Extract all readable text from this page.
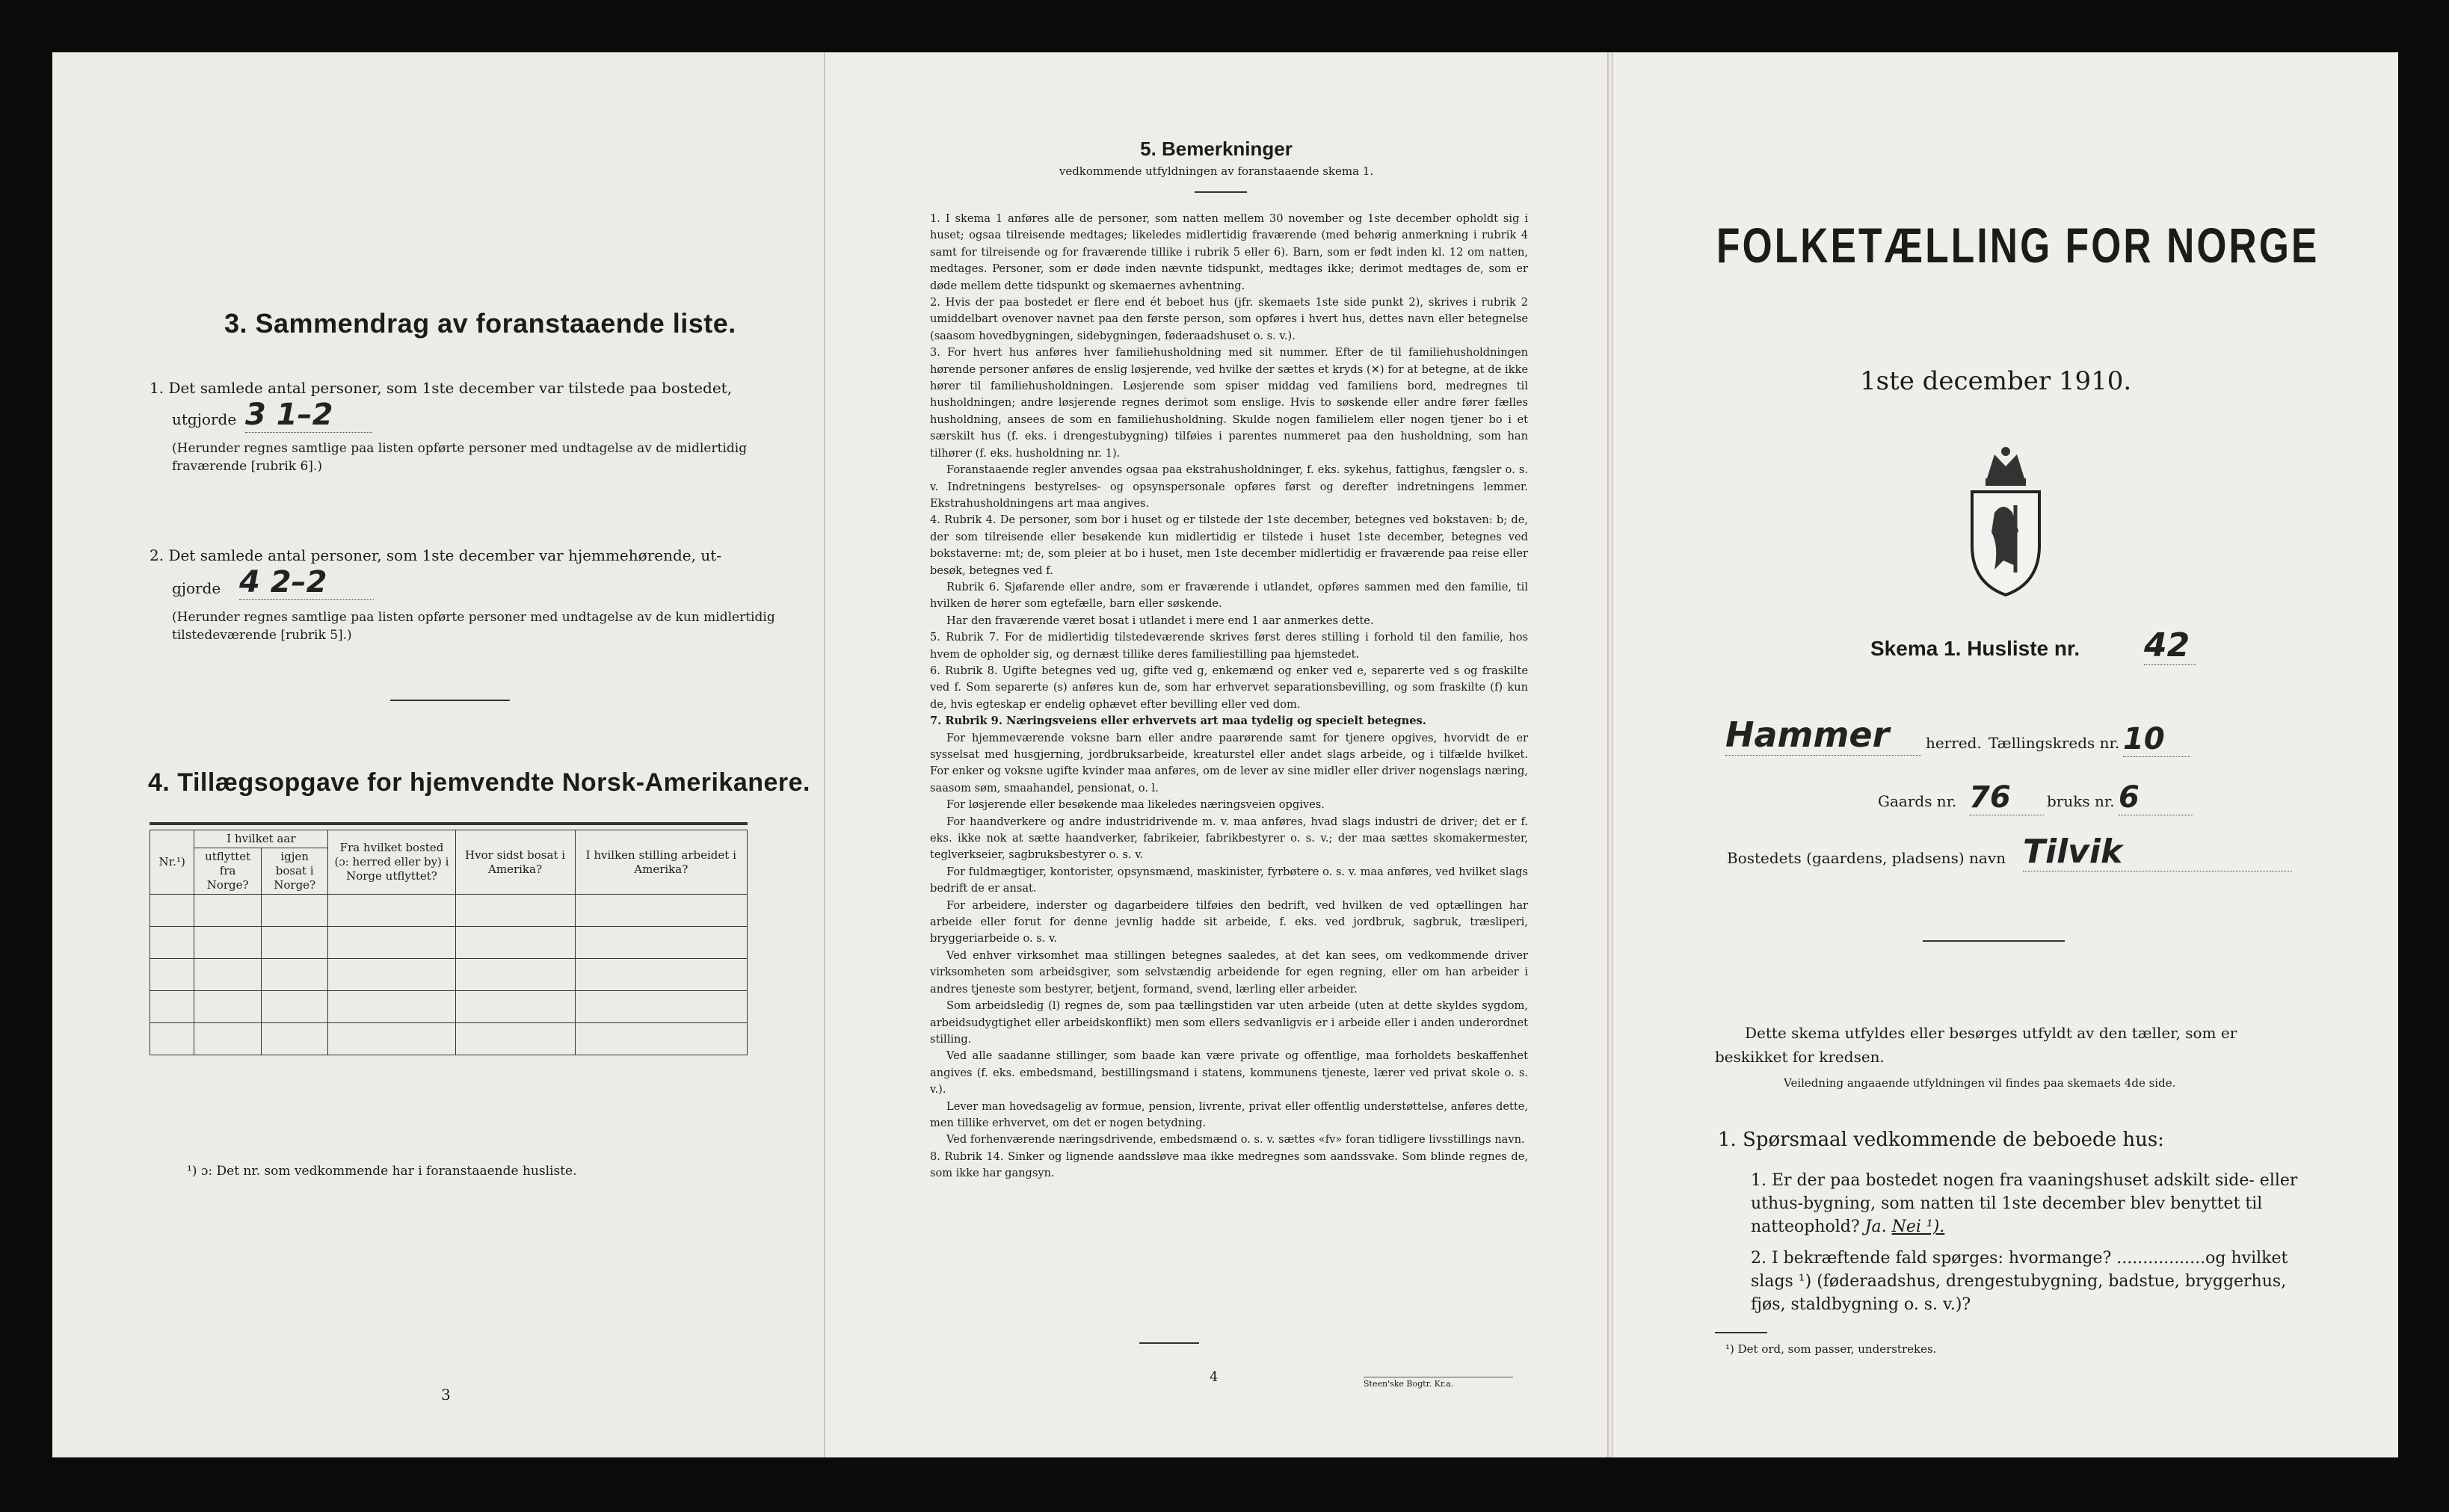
3. Sammendrag av foranstaaende liste.
1. Det samlede antal personer, som 1ste december var tilstede paa bostedet,
utgjorde 3 1–2
(Herunder regnes samtlige paa listen opførte personer med undtagelse av de midlertidig fraværende [rubrik 6].)
2. Det samlede antal personer, som 1ste december var hjemmehørende, ut-
gjorde 4 2–2
(Herunder regnes samtlige paa listen opførte personer med undtagelse av de kun midlertidig tilstedeværende [rubrik 5].)
4. Tillægsopgave for hjemvendte Norsk-Amerikanere.
Nr.¹)	I hvilket aar		Fra hvilket bosted (ɔ: herred eller by) i Norge utflyttet?	Hvor sidst bosat i Amerika?	I hvilken stilling arbeidet i Amerika?
	utflyttet fra Norge?	igjen bosat i Norge?			

¹) ɔ: Det nr. som vedkommende har i foranstaaende husliste.
3
5. Bemerkninger
vedkommende utfyldningen av foranstaaende skema 1.

1. I skema 1 anføres alle de personer, som natten mellem 30 november og 1ste december opholdt sig i huset; ogsaa tilreisende medtages; likeledes midlertidig fraværende (med behørig anmerkning i rubrik 4 samt for tilreisende og for fraværende tillike i rubrik 5 eller 6). Barn, som er født inden kl. 12 om natten, medtages. Personer, som er døde inden nævnte tidspunkt, medtages ikke; derimot medtages de, som er døde mellem dette tidspunkt og skemaernes avhentning.

2. Hvis der paa bostedet er flere end ét beboet hus (jfr. skemaets 1ste side punkt 2), skrives i rubrik 2 umiddelbart ovenover navnet paa den første person, som opføres i hvert hus, dettes navn eller betegnelse (saasom hovedbygningen, sidebygningen, føderaadshuset o. s. v.).

3. For hvert hus anføres hver familiehusholdning med sit nummer. Efter de til familiehusholdningen hørende personer anføres de enslig løsjerende, ved hvilke der sættes et kryds (✕) for at betegne, at de ikke hører til familiehusholdningen. Løsjerende som spiser middag ved familiens bord, medregnes til husholdningen; andre løsjerende regnes derimot som enslige. Hvis to søskende eller andre fører fælles husholdning, ansees de som en familiehusholdning. Skulde nogen familielem eller nogen tjener bo i et særskilt hus (f. eks. i drengestubygning) tilføies i parentes nummeret paa den husholdning, som han tilhører (f. eks. husholdning nr. 1).

Foranstaaende regler anvendes ogsaa paa ekstrahusholdninger, f. eks. sykehus, fattighus, fængsler o. s. v. Indretningens bestyrelses- og opsynspersonale opføres først og derefter indretningens lemmer. Ekstrahusholdningens art maa angives.

4. Rubrik 4. De personer, som bor i huset og er tilstede der 1ste december, betegnes ved bokstaven: b; de, der som tilreisende eller besøkende kun midlertidig er tilstede i huset 1ste december, betegnes ved bokstaverne: mt; de, som pleier at bo i huset, men 1ste december midlertidig er fraværende paa reise eller besøk, betegnes ved f.

Rubrik 6. Sjøfarende eller andre, som er fraværende i utlandet, opføres sammen med den familie, til hvilken de hører som egtefælle, barn eller søskende.

Har den fraværende været bosat i utlandet i mere end 1 aar anmerkes dette.

5. Rubrik 7. For de midlertidig tilstedeværende skrives først deres stilling i forhold til den familie, hos hvem de opholder sig, og dernæst tillike deres familiestilling paa hjemstedet.

6. Rubrik 8. Ugifte betegnes ved ug, gifte ved g, enkemænd og enker ved e, separerte ved s og fraskilte ved f. Som separerte (s) anføres kun de, som har erhvervet separationsbevilling, og som fraskilte (f) kun de, hvis egteskap er endelig ophævet efter bevilling eller ved dom.

7. Rubrik 9. Næringsveiens eller erhvervets art maa tydelig og specielt betegnes.

For hjemmeværende voksne barn eller andre paarørende samt for tjenere opgives, hvorvidt de er sysselsat med husgjerning, jordbruksarbeide, kreaturstel eller andet slags arbeide, og i tilfælde hvilket. For enker og voksne ugifte kvinder maa anføres, om de lever av sine midler eller driver nogenslags næring, saasom søm, smaahandel, pensionat, o. l.

For løsjerende eller besøkende maa likeledes næringsveien opgives.

For haandverkere og andre industridrivende m. v. maa anføres, hvad slags industri de driver; det er f. eks. ikke nok at sætte haandverker, fabrikeier, fabrikbestyrer o. s. v.; der maa sættes skomakermester, teglverkseier, sagbruksbestyrer o. s. v.

For fuldmægtiger, kontorister, opsynsmænd, maskinister, fyrbøtere o. s. v. maa anføres, ved hvilket slags bedrift de er ansat.

For arbeidere, inderster og dagarbeidere tilføies den bedrift, ved hvilken de ved optællingen har arbeide eller forut for denne jevnlig hadde sit arbeide, f. eks. ved jordbruk, sagbruk, træsliperi, bryggeriarbeide o. s. v.

Ved enhver virksomhet maa stillingen betegnes saaledes, at det kan sees, om vedkommende driver virksomheten som arbeidsgiver, som selvstændig arbeidende for egen regning, eller om han arbeider i andres tjeneste som bestyrer, betjent, formand, svend, lærling eller arbeider.

Som arbeidsledig (l) regnes de, som paa tællingstiden var uten arbeide (uten at dette skyldes sygdom, arbeidsudygtighet eller arbeidskonflikt) men som ellers sedvanligvis er i arbeide eller i anden underordnet stilling.

Ved alle saadanne stillinger, som baade kan være private og offentlige, maa forholdets beskaffenhet angives (f. eks. embedsmand, bestillingsmand i statens, kommunens tjeneste, lærer ved privat skole o. s. v.).

Lever man hovedsagelig av formue, pension, livrente, privat eller offentlig understøttelse, anføres dette, men tillike erhvervet, om det er nogen betydning.

Ved forhenværende næringsdrivende, embedsmænd o. s. v. sættes «fv» foran tidligere livsstillings navn.

8. Rubrik 14. Sinker og lignende aandssløve maa ikke medregnes som aandssvake. Som blinde regnes de, som ikke har gangsyn.

4	Steen'ske Bogtr. Kr.a.
FOLKETÆLLING FOR NORGE
1ste december 1910.
Skema 1. Husliste nr. 42
Hammer	herred. Tællingskreds nr. 10
Gaards nr. 76	bruks nr. 6
Bostedets (gaardens, pladsens) navn Tilvik
Dette skema utfyldes eller besørges utfyldt av den tæller, som er beskikket for kredsen.
Veiledning angaaende utfyldningen vil findes paa skemaets 4de side.
1. Spørsmaal vedkommende de beboede hus:
1. Er der paa bostedet nogen fra vaaningshuset adskilt side- eller uthus-bygning, som natten til 1ste december blev benyttet til natteophold? Ja. Nei ¹).
2. I bekræftende fald spørges: hvormange? .................og hvilket slags ¹) (føderaadshus, drengestubygning, badstue, bryggerhus, fjøs, staldbygning o. s. v.)?
¹) Det ord, som passer, understrekes.
